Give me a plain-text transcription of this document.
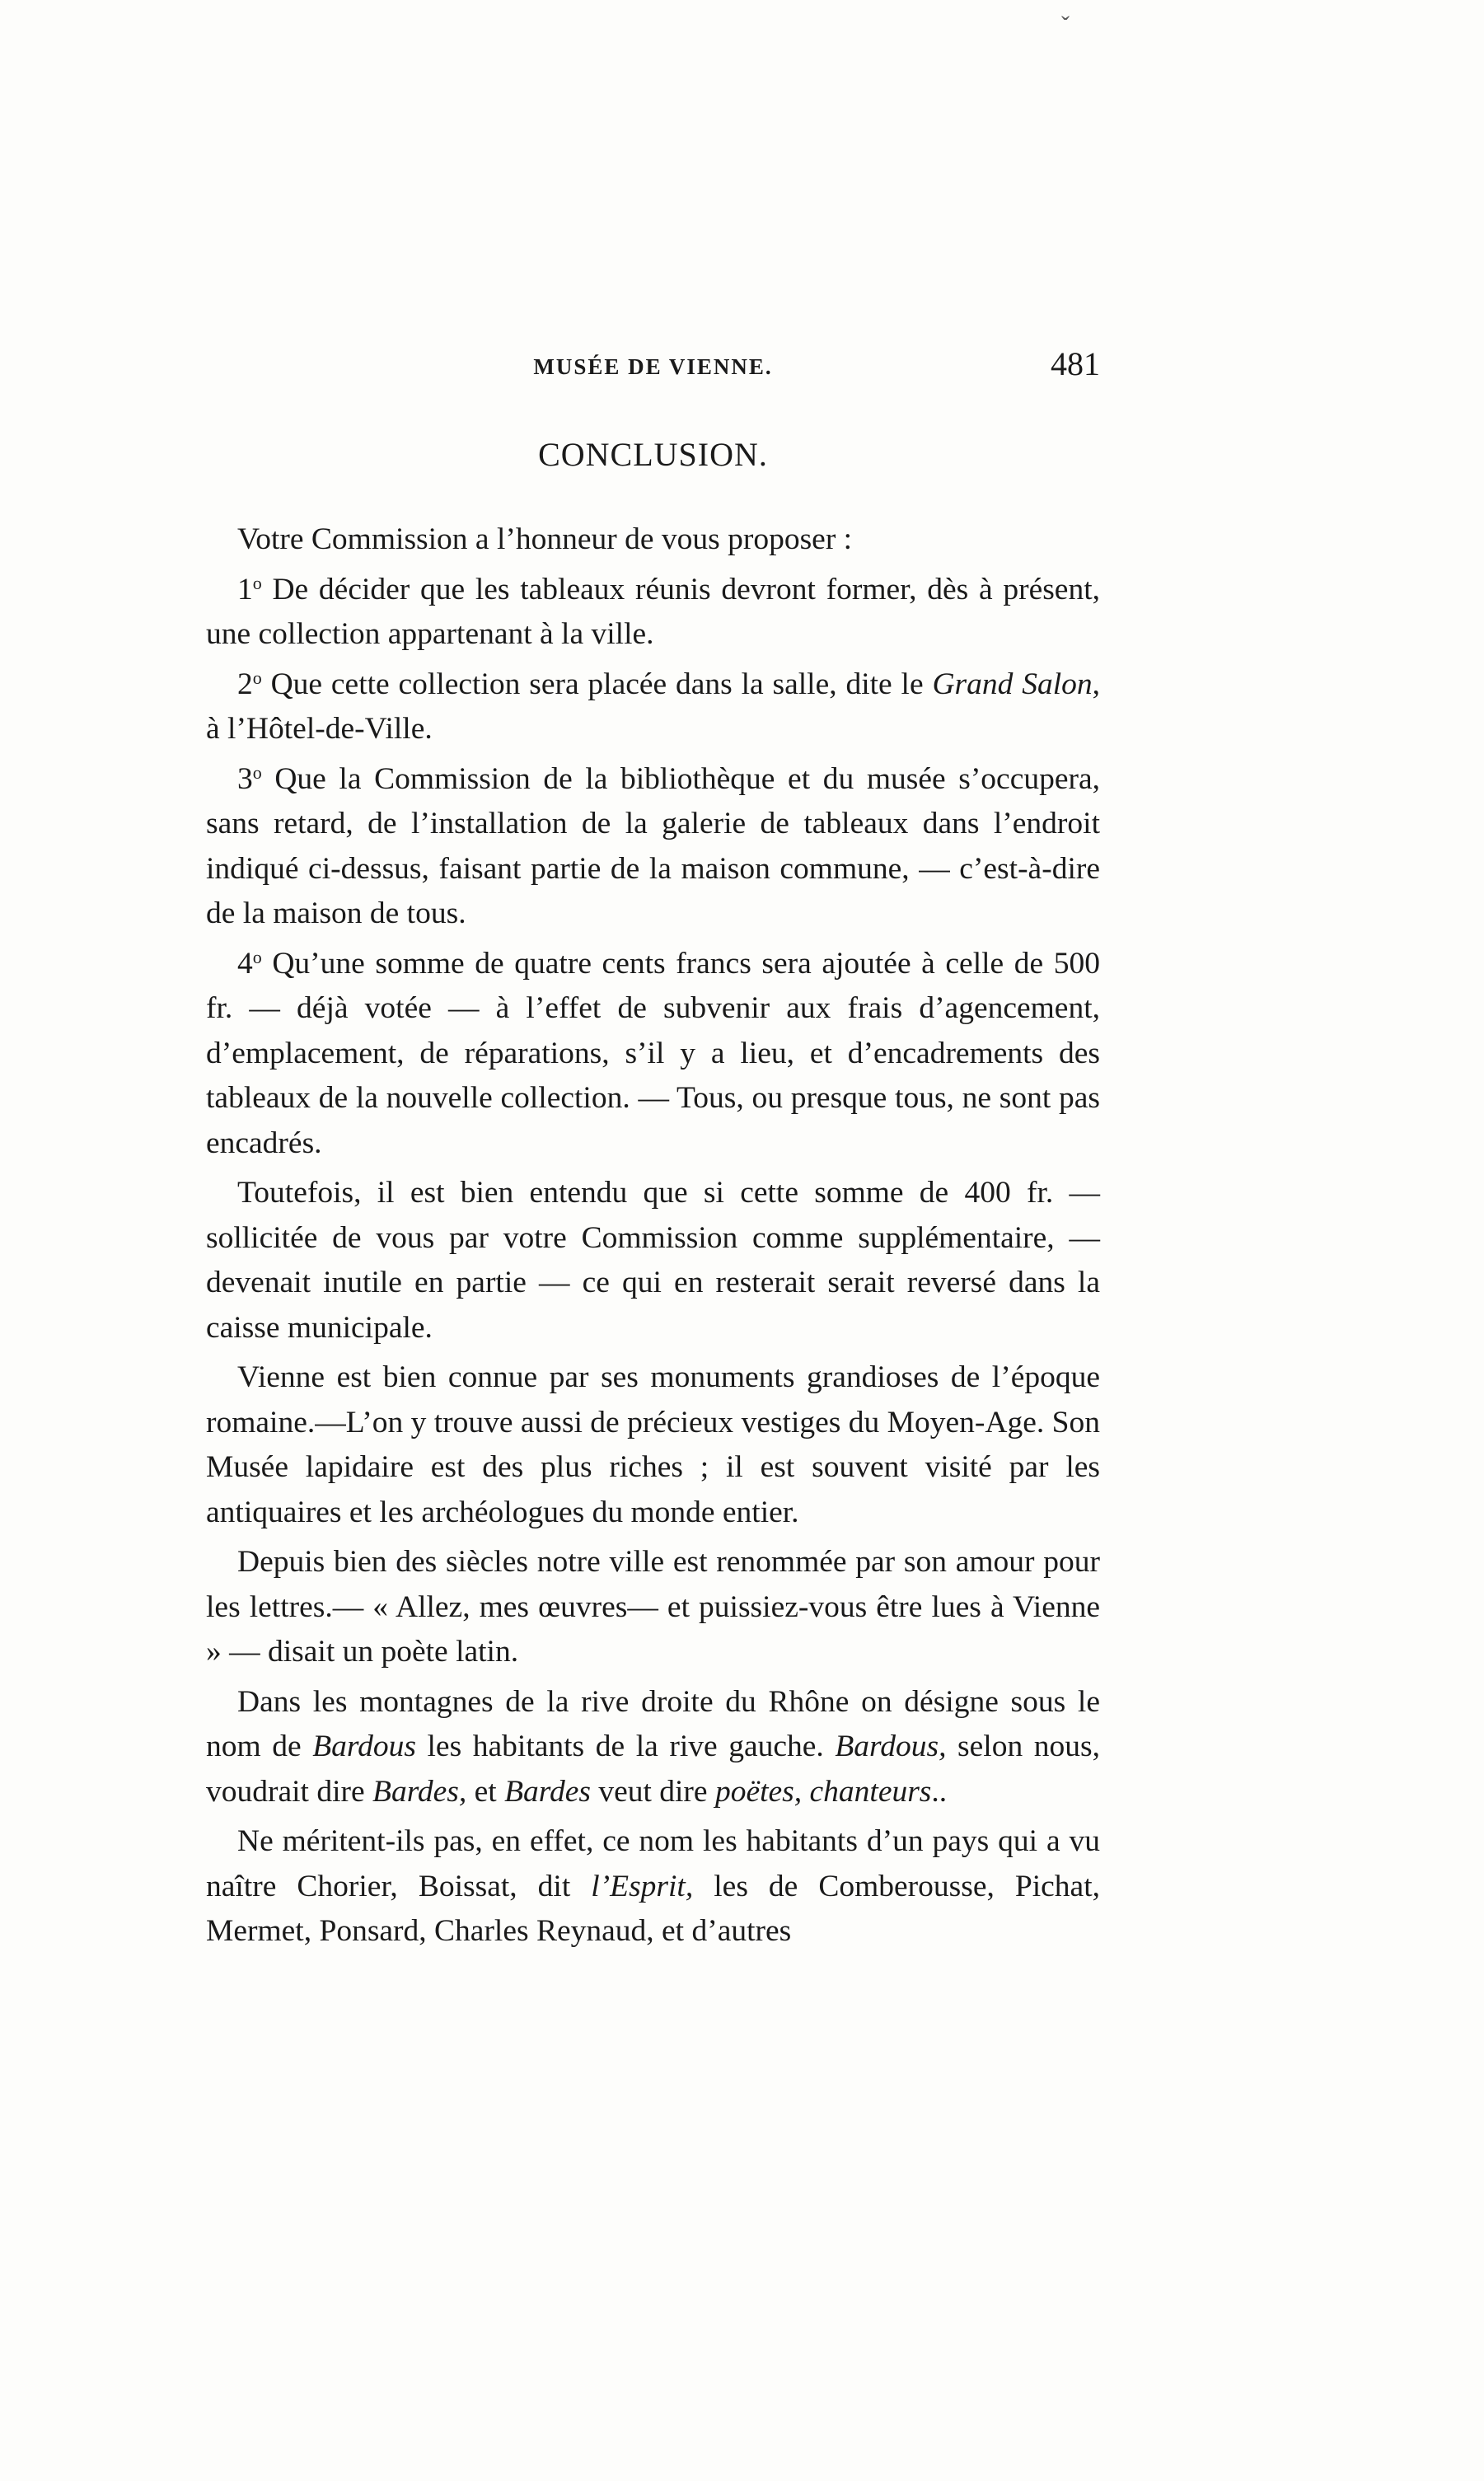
ˇ
MUSÉE DE VIENNE.	481
CONCLUSION.

Votre Commission a l’honneur de vous proposer :

1$^o$ De décider que les tableaux réunis devront former, dès à présent, une collection appartenant à la ville.

2$^o$ Que cette collection sera placée dans la salle, dite le Grand Salon, à l’Hôtel-de-Ville.

3$^o$ Que la Commission de la bibliothèque et du musée s’occupera, sans retard, de l’installation de la galerie de tableaux dans l’endroit indiqué ci-dessus, faisant partie de la maison commune, — c’est-à-dire de la maison de tous.

4$^o$ Qu’une somme de quatre cents francs sera ajoutée à celle de 500 fr. — déjà votée — à l’effet de subvenir aux frais d’agencement, d’emplacement, de réparations, s’il y a lieu, et d’encadrements des tableaux de la nouvelle collection. — Tous, ou presque tous, ne sont pas encadrés.

Toutefois, il est bien entendu que si cette somme de 400 fr. — sollicitée de vous par votre Commission comme supplémentaire, — devenait inutile en partie — ce qui en resterait serait reversé dans la caisse municipale.

Vienne est bien connue par ses monuments grandioses de l’époque romaine.—L’on y trouve aussi de précieux vestiges du Moyen-Age. Son Musée lapidaire est des plus riches ; il est souvent visité par les antiquaires et les archéologues du monde entier.

Depuis bien des siècles notre ville est renommée par son amour pour les lettres.— « Allez, mes œuvres— et puissiez-vous être lues à Vienne » — disait un poète latin.

Dans les montagnes de la rive droite du Rhône on désigne sous le nom de Bardous les habitants de la rive gauche. Bardous, selon nous, voudrait dire Bardes, et Bardes veut dire poëtes, chanteurs..

Ne méritent-ils pas, en effet, ce nom les habitants d’un pays qui a vu naître Chorier, Boissat, dit l’Esprit, les de Comberousse, Pichat, Mermet, Ponsard, Charles Reynaud, et d’autres
